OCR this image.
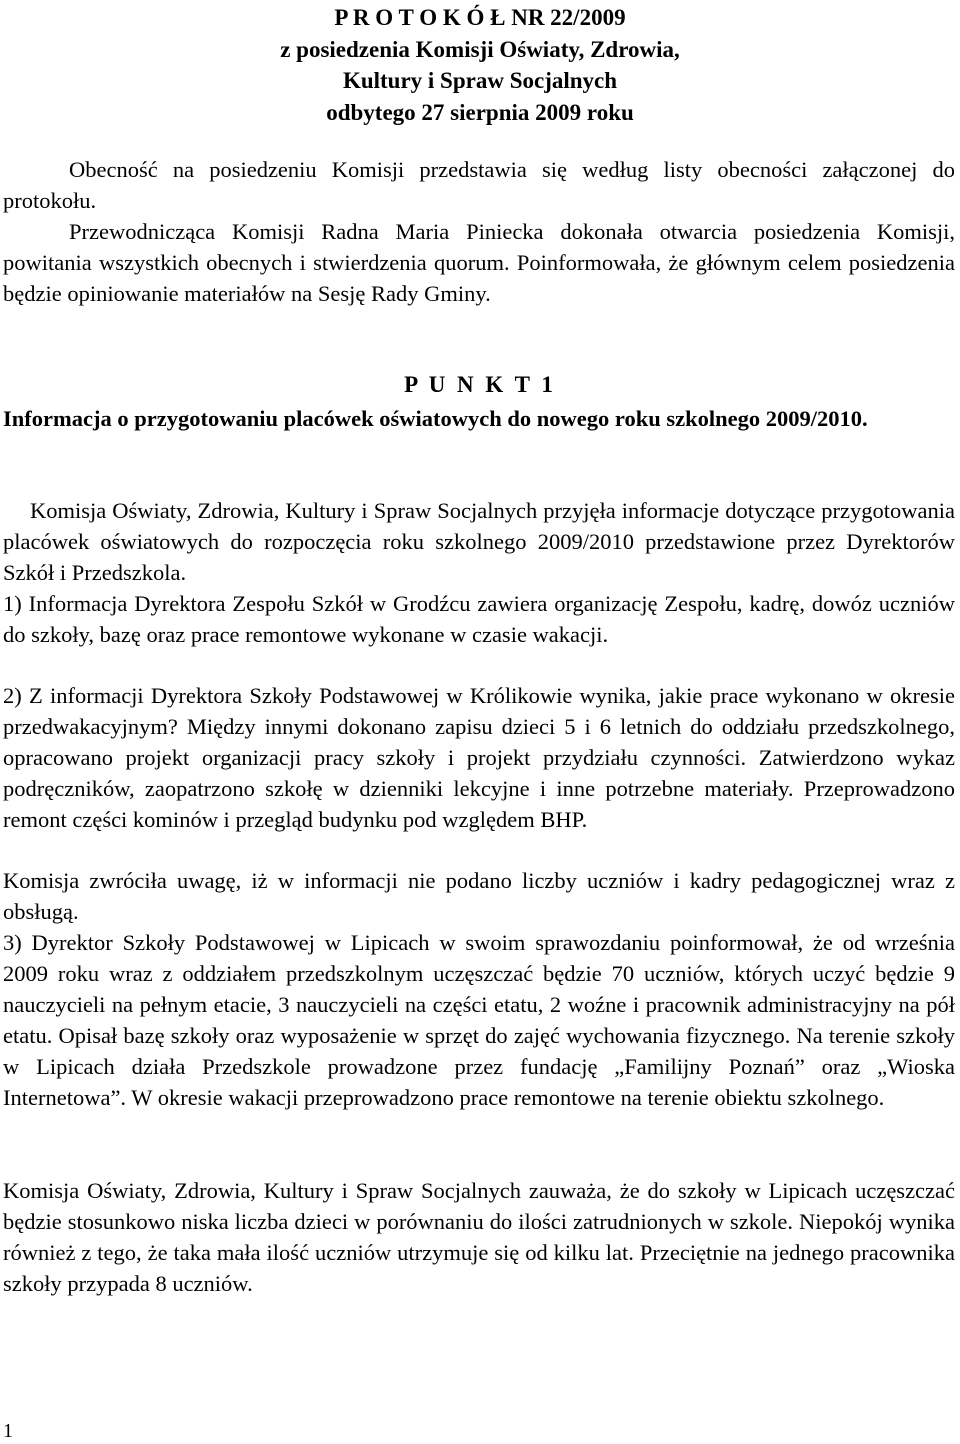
P R O T O K Ó Ł NR 22/2009
z posiedzenia Komisji Oświaty, Zdrowia,
Kultury i Spraw Socjalnych
odbytego 27 sierpnia 2009 roku
Obecność na posiedzeniu Komisji przedstawia się według listy obecności załączonej do protokołu.
Przewodnicząca Komisji Radna Maria Piniecka dokonała otwarcia posiedzenia Komisji, powitania wszystkich obecnych i stwierdzenia quorum. Poinformowała, że głównym celem posiedzenia będzie opiniowanie materiałów na Sesję Rady Gminy.
P U N K T 1
Informacja o przygotowaniu placówek oświatowych do nowego roku szkolnego 2009/2010.
Komisja Oświaty, Zdrowia, Kultury i Spraw Socjalnych przyjęła informacje dotyczące przygotowania placówek oświatowych do rozpoczęcia roku szkolnego 2009/2010 przedstawione przez Dyrektorów Szkół i Przedszkola.
1) Informacja Dyrektora Zespołu Szkół w Grodźcu zawiera organizację Zespołu, kadrę, dowóz uczniów do szkoły, bazę oraz prace remontowe wykonane w czasie wakacji.
2) Z informacji Dyrektora Szkoły Podstawowej w Królikowie wynika, jakie prace wykonano w okresie przedwakacyjnym? Między innymi dokonano zapisu dzieci 5 i 6 letnich do oddziału przedszkolnego, opracowano projekt organizacji pracy szkoły i projekt przydziału czynności. Zatwierdzono wykaz podręczników, zaopatrzono szkołę w dzienniki lekcyjne i inne potrzebne materiały. Przeprowadzono remont części kominów i przegląd budynku pod względem BHP.
Komisja zwróciła uwagę, iż w informacji nie podano liczby uczniów i kadry pedagogicznej wraz z obsługą.
3) Dyrektor Szkoły Podstawowej w Lipicach w swoim sprawozdaniu poinformował, że od września 2009 roku wraz z oddziałem przedszkolnym uczęszczać będzie 70 uczniów, których uczyć będzie 9 nauczycieli na pełnym etacie, 3 nauczycieli na części etatu, 2 woźne i pracownik administracyjny na pół etatu. Opisał bazę szkoły oraz wyposażenie w sprzęt do zajęć wychowania fizycznego. Na terenie szkoły w Lipicach działa Przedszkole prowadzone przez fundację „Familijny Poznań” oraz „Wioska Internetowa”. W okresie wakacji przeprowadzono prace remontowe na terenie obiektu szkolnego.
Komisja Oświaty, Zdrowia, Kultury i Spraw Socjalnych zauważa, że do szkoły w Lipicach uczęszczać będzie stosunkowo niska liczba dzieci w porównaniu do ilości zatrudnionych w szkole. Niepokój wynika również z tego, że taka mała ilość uczniów utrzymuje się od kilku lat. Przeciętnie na jednego pracownika szkoły przypada 8 uczniów.
1
